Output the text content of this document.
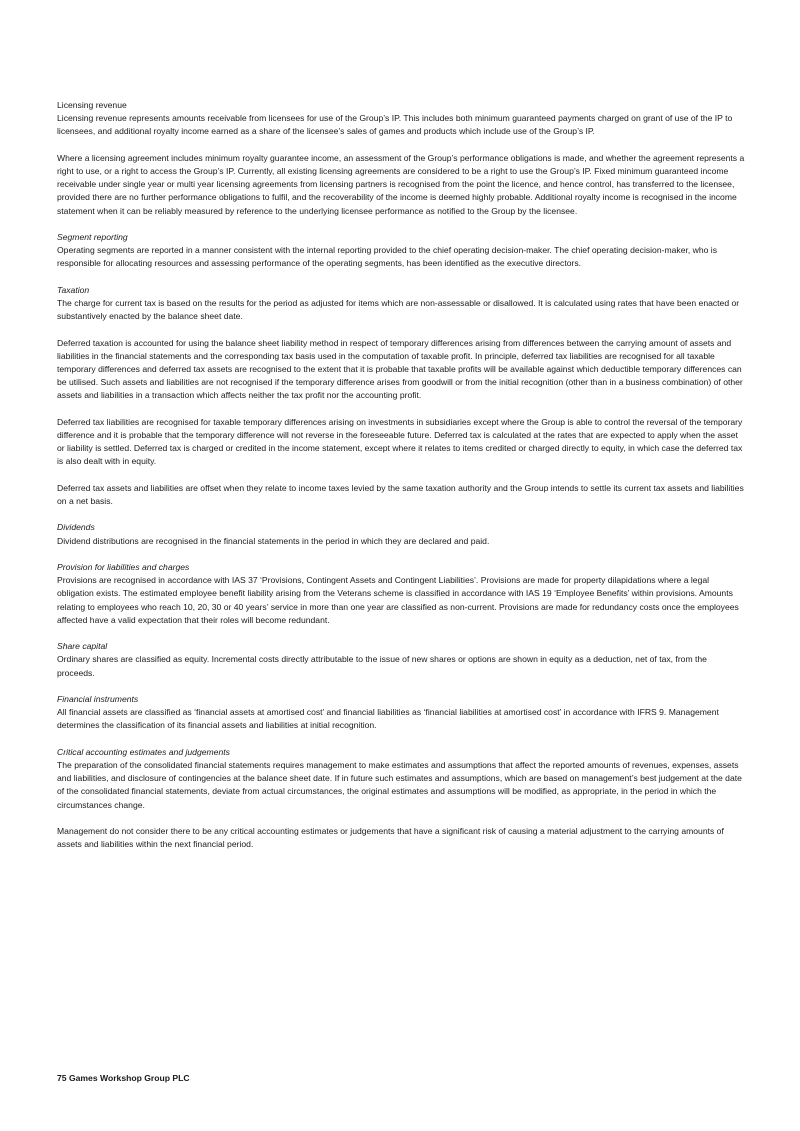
Licensing revenue
Licensing revenue represents amounts receivable from licensees for use of the Group’s IP. This includes both minimum guaranteed payments charged on grant of use of the IP to licensees, and additional royalty income earned as a share of the licensee’s sales of games and products which include use of the Group’s IP.
Where a licensing agreement includes minimum royalty guarantee income, an assessment of the Group’s performance obligations is made, and whether the agreement represents a right to use, or a right to access the Group’s IP. Currently, all existing licensing agreements are considered to be a right to use the Group’s IP. Fixed minimum guaranteed income receivable under single year or multi year licensing agreements from licensing partners is recognised from the point the licence, and hence control, has transferred to the licensee, provided there are no further performance obligations to fulfil, and the recoverability of the income is deemed highly probable. Additional royalty income is recognised in the income statement when it can be reliably measured by reference to the underlying licensee performance as notified to the Group by the licensee.
Segment reporting
Operating segments are reported in a manner consistent with the internal reporting provided to the chief operating decision-maker. The chief operating decision-maker, who is responsible for allocating resources and assessing performance of the operating segments, has been identified as the executive directors.
Taxation
The charge for current tax is based on the results for the period as adjusted for items which are non-assessable or disallowed. It is calculated using rates that have been enacted or substantively enacted by the balance sheet date.
Deferred taxation is accounted for using the balance sheet liability method in respect of temporary differences arising from differences between the carrying amount of assets and liabilities in the financial statements and the corresponding tax basis used in the computation of taxable profit. In principle, deferred tax liabilities are recognised for all taxable temporary differences and deferred tax assets are recognised to the extent that it is probable that taxable profits will be available against which deductible temporary differences can be utilised. Such assets and liabilities are not recognised if the temporary difference arises from goodwill or from the initial recognition (other than in a business combination) of other assets and liabilities in a transaction which affects neither the tax profit nor the accounting profit.
Deferred tax liabilities are recognised for taxable temporary differences arising on investments in subsidiaries except where the Group is able to control the reversal of the temporary difference and it is probable that the temporary difference will not reverse in the foreseeable future. Deferred tax is calculated at the rates that are expected to apply when the asset or liability is settled. Deferred tax is charged or credited in the income statement, except where it relates to items credited or charged directly to equity, in which case the deferred tax is also dealt with in equity.
Deferred tax assets and liabilities are offset when they relate to income taxes levied by the same taxation authority and the Group intends to settle its current tax assets and liabilities on a net basis.
Dividends
Dividend distributions are recognised in the financial statements in the period in which they are declared and paid.
Provision for liabilities and charges
Provisions are recognised in accordance with IAS 37 ‘Provisions, Contingent Assets and Contingent Liabilities’. Provisions are made for property dilapidations where a legal obligation exists. The estimated employee benefit liability arising from the Veterans scheme is classified in accordance with IAS 19 ‘Employee Benefits’ within provisions. Amounts relating to employees who reach 10, 20, 30 or 40 years’ service in more than one year are classified as non-current. Provisions are made for redundancy costs once the employees affected have a valid expectation that their roles will become redundant.
Share capital
Ordinary shares are classified as equity. Incremental costs directly attributable to the issue of new shares or options are shown in equity as a deduction, net of tax, from the proceeds.
Financial instruments
All financial assets are classified as ‘financial assets at amortised cost’ and financial liabilities as ‘financial liabilities at amortised cost’ in accordance with IFRS 9. Management determines the classification of its financial assets and liabilities at initial recognition.
Critical accounting estimates and judgements
The preparation of the consolidated financial statements requires management to make estimates and assumptions that affect the reported amounts of revenues, expenses, assets and liabilities, and disclosure of contingencies at the balance sheet date. If in future such estimates and assumptions, which are based on management’s best judgement at the date of the consolidated financial statements, deviate from actual circumstances, the original estimates and assumptions will be modified, as appropriate, in the period in which the circumstances change.
Management do not consider there to be any critical accounting estimates or judgements that have a significant risk of causing a material adjustment to the carrying amounts of assets and liabilities within the next financial period.
75 Games Workshop Group PLC
